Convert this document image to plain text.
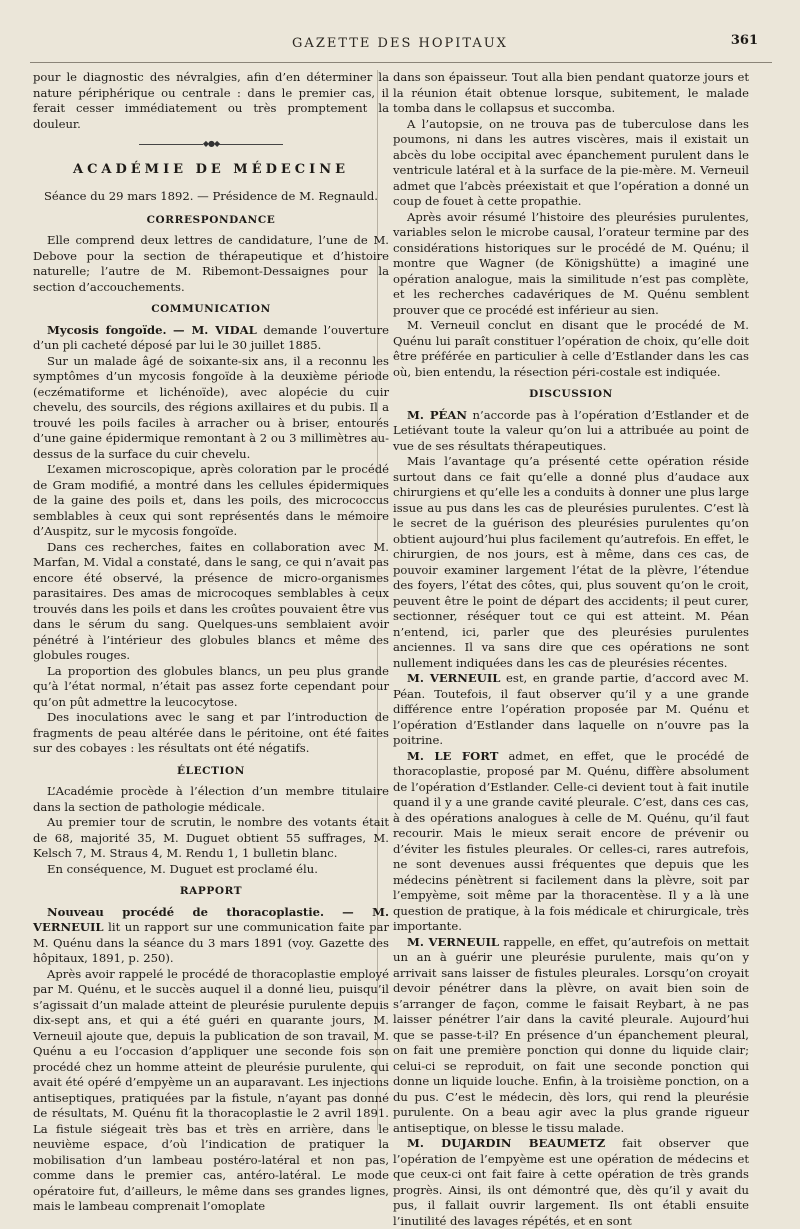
GAZETTE DES HOPITAUX	361

pour le diagnostic des névralgies, afin d’en déterminer la nature périphérique ou centrale : dans le premier cas, il ferait cesser immédiatement ou très promptement la douleur.

◆●◆
ACADÉMIE DE MÉDECINE
Séance du 29 mars 1892. — Présidence de M. Regnauld.
CORRESPONDANCE

Elle comprend deux lettres de candidature, l’une de M. Debove pour la section de thérapeutique et d’histoire naturelle; l’autre de M. Ribemont-Dessaignes pour la section d’accouchements.

COMMUNICATION

Mycosis fongoïde. — M. VIDAL demande l’ouverture d’un pli cacheté déposé par lui le 30 juillet 1885.

Sur un malade âgé de soixante-six ans, il a reconnu les symptômes d’un mycosis fongoïde à la deuxième période (eczématiforme et lichénoïde), avec alopécie du cuir chevelu, des sourcils, des régions axillaires et du pubis. Il a trouvé les poils faciles à arracher ou à briser, entourés d’une gaine épidermique remontant à 2 ou 3 millimètres au-dessus de la surface du cuir chevelu.

L’examen microscopique, après coloration par le procédé de Gram modifié, a montré dans les cellules épidermiques de la gaine des poils et, dans les poils, des micrococcus semblables à ceux qui sont représentés dans le mémoire d’Auspitz, sur le mycosis fongoïde.

Dans ces recherches, faites en collaboration avec M. Marfan, M. Vidal a constaté, dans le sang, ce qui n’avait pas encore été observé, la présence de micro-organismes parasitaires. Des amas de microcoques semblables à ceux trouvés dans les poils et dans les croûtes pouvaient être vus dans le sérum du sang. Quelques-uns semblaient avoir pénétré à l’intérieur des globules blancs et même des globules rouges.

La proportion des globules blancs, un peu plus grande qu’à l’état normal, n’était pas assez forte cependant pour qu’on pût admettre la leucocytose.

Des inoculations avec le sang et par l’introduction de fragments de peau altérée dans le péritoine, ont été faites sur des cobayes : les résultats ont été négatifs.

ÉLECTION

L’Académie procède à l’élection d’un membre titulaire dans la section de pathologie médicale.

Au premier tour de scrutin, le nombre des votants était de 68, majorité 35, M. Duguet obtient 55 suffrages, M. Kelsch 7, M. Straus 4, M. Rendu 1, 1 bulletin blanc.

En conséquence, M. Duguet est proclamé élu.

RAPPORT

Nouveau procédé de thoracoplastie. — M. VERNEUIL lit un rapport sur une communication faite par M. Quénu dans la séance du 3 mars 1891 (voy. Gazette des hôpitaux, 1891, p. 250).

Après avoir rappelé le procédé de thoracoplastie employé par M. Quénu, et le succès auquel il a donné lieu, puisqu’il s’agissait d’un malade atteint de pleurésie purulente depuis dix-sept ans, et qui a été guéri en quarante jours, M. Verneuil ajoute que, depuis la publication de son travail, M. Quénu a eu l’occasion d’appliquer une seconde fois son procédé chez un homme atteint de pleurésie purulente, qui avait été opéré d’empyème un an auparavant. Les injections antiseptiques, pratiquées par la fistule, n’ayant pas donné de résultats, M. Quénu fit la thoracoplastie le 2 avril 1891. La fistule siégeait très bas et très en arrière, dans le neuvième espace, d’où l’indication de pratiquer la mobilisation d’un lambeau postéro-latéral et non pas, comme dans le premier cas, antéro-latéral. Le mode opératoire fut, d’ailleurs, le même dans ses grandes lignes, mais le lambeau comprenait l’omoplate

dans son épaisseur. Tout alla bien pendant quatorze jours et la réunion était obtenue lorsque, subitement, le malade tomba dans le collapsus et succomba.

A l’autopsie, on ne trouva pas de tuberculose dans les poumons, ni dans les autres viscères, mais il existait un abcès du lobe occipital avec épanchement purulent dans le ventricule latéral et à la surface de la pie-mère. M. Verneuil admet que l’abcès préexistait et que l’opération a donné un coup de fouet à cette propathie.

Après avoir résumé l’histoire des pleurésies purulentes, variables selon le microbe causal, l’orateur termine par des considérations historiques sur le procédé de M. Quénu; il montre que Wagner (de Königshütte) a imaginé une opération analogue, mais la similitude n’est pas complète, et les recherches cadavériques de M. Quénu semblent prouver que ce procédé est inférieur au sien.

M. Verneuil conclut en disant que le procédé de M. Quénu lui paraît constituer l’opération de choix, qu’elle doit être préférée en particulier à celle d’Estlander dans les cas où, bien entendu, la résection péri-costale est indiquée.

DISCUSSION

M. PÉAN n’accorde pas à l’opération d’Estlander et de Letiévant toute la valeur qu’on lui a attribuée au point de vue de ses résultats thérapeutiques.

Mais l’avantage qu’a présenté cette opération réside surtout dans ce fait qu’elle a donné plus d’audace aux chirurgiens et qu’elle les a conduits à donner une plus large issue au pus dans les cas de pleurésies purulentes. C’est là le secret de la guérison des pleurésies purulentes qu’on obtient aujourd’hui plus facilement qu’autrefois. En effet, le chirurgien, de nos jours, est à même, dans ces cas, de pouvoir examiner largement l’état de la plèvre, l’étendue des foyers, l’état des côtes, qui, plus souvent qu’on le croit, peuvent être le point de départ des accidents; il peut curer, sectionner, réséquer tout ce qui est atteint. M. Péan n’entend, ici, parler que des pleurésies purulentes anciennes. Il va sans dire que ces opérations ne sont nullement indiquées dans les cas de pleurésies récentes.

M. VERNEUIL est, en grande partie, d’accord avec M. Péan. Toutefois, il faut observer qu’il y a une grande différence entre l’opération proposée par M. Quénu et l’opération d’Estlander dans laquelle on n’ouvre pas la poitrine.

M. LE FORT admet, en effet, que le procédé de thoracoplastie, proposé par M. Quénu, diffère absolument de l’opération d’Estlander. Celle-ci devient tout à fait inutile quand il y a une grande cavité pleurale. C’est, dans ces cas, à des opérations analogues à celle de M. Quénu, qu’il faut recourir. Mais le mieux serait encore de prévenir ou d’éviter les fistules pleurales. Or celles-ci, rares autrefois, ne sont devenues aussi fréquentes que depuis que les médecins pénètrent si facilement dans la plèvre, soit par l’empyème, soit même par la thoracentèse. Il y a là une question de pratique, à la fois médicale et chirurgicale, très importante.

M. VERNEUIL rappelle, en effet, qu’autrefois on mettait un an à guérir une pleurésie purulente, mais qu’on y arrivait sans laisser de fistules pleurales. Lorsqu’on croyait devoir pénétrer dans la plèvre, on avait bien soin de s’arranger de façon, comme le faisait Reybart, à ne pas laisser pénétrer l’air dans la cavité pleurale. Aujourd’hui que se passe-t-il? En présence d’un épanchement pleural, on fait une première ponction qui donne du liquide clair; celui-ci se reproduit, on fait une seconde ponction qui donne un liquide louche. Enfin, à la troisième ponction, on a du pus. C’est le médecin, dès lors, qui rend la pleurésie purulente. On a beau agir avec la plus grande rigueur antiseptique, on blesse le tissu malade.

M. DUJARDIN BEAUMETZ fait observer que l’opération de l’empyème est une opération de médecins et que ceux-ci ont fait faire à cette opération de très grands progrès. Ainsi, ils ont démontré que, dès qu’il y avait du pus, il fallait ouvrir largement. Ils ont établi ensuite l’inutilité des lavages répétés, et en sont
